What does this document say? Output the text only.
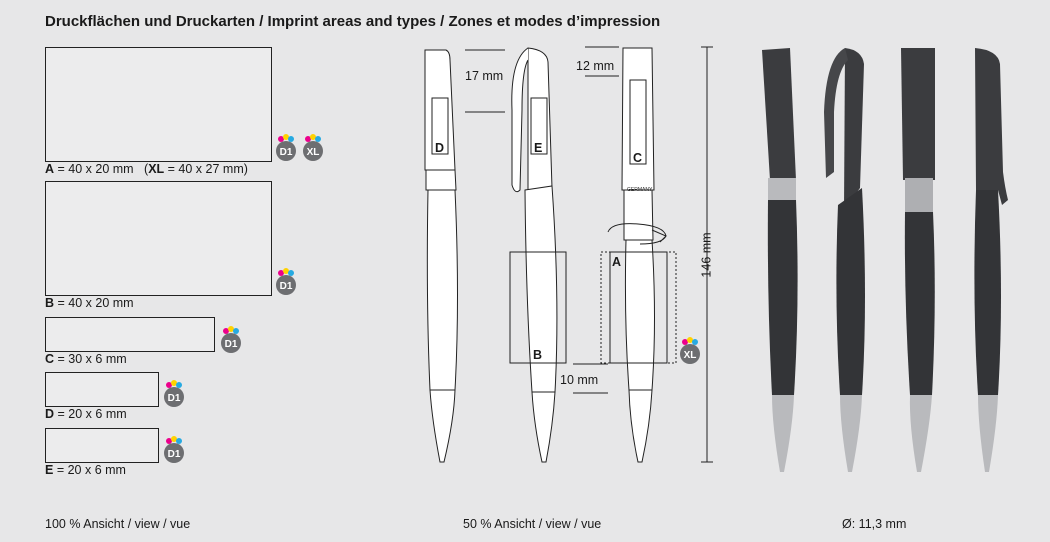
Druckflächen und Druckarten / Imprint areas and types / Zones et modes d’impression
A = 40 x 20 mm   (XL = 40 x 27 mm)
D1 XL
B = 40 x 20 mm
D1
C = 30 x 6 mm
D1
D = 20 x 6 mm
D1
E = 20 x 6 mm
D1
17 mm
12 mm
10 mm
146 mm
D	E
C
A
B
GERMANY
XL
100 % Ansicht / view / vue	50 % Ansicht / view / vue	Ø: 11,3 mm
